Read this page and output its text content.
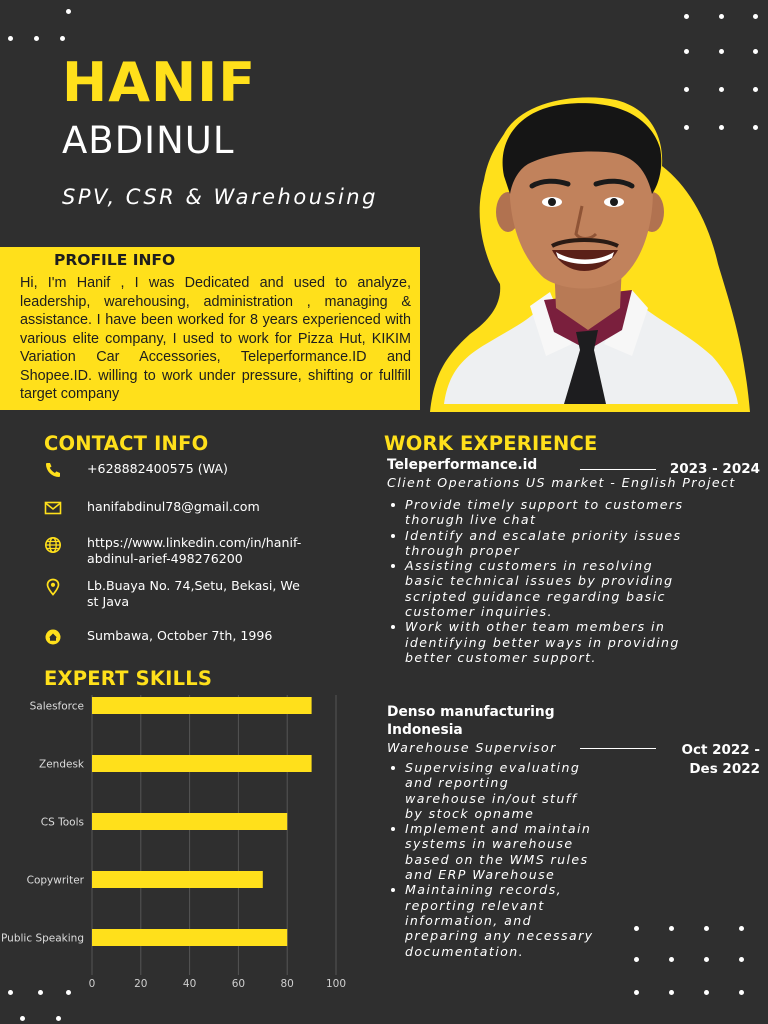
HANIF
ABDINUL
SPV, CSR & Warehousing
PROFILE INFO
Hi, I'm Hanif , I was Dedicated and used to analyze, leadership, warehousing, administration , managing & assistance. I have been worked for 8 years experienced with various elite company, I used to work for Pizza Hut, KIKIM Variation Car Accessories, Teleperformance.ID and Shopee.ID. willing to work under pressure, shifting or fullfill target company
CONTACT INFO
+628882400575 (WA)
hanifabdinul78@gmail.com
https://www.linkedin.com/in/hanif-abdinul-arief-498276200
Lb.Buaya No. 74,Setu, Bekasi, West Java
Sumbawa, October 7th, 1996
EXPERT SKILLS
0	20	40	60	80	100
Salesforce
Zendesk
CS Tools
Copywriter
Public Speaking
WORK EXPERIENCE
Teleperformance.id	2023 - 2024
Client Operations US market - English Project
Provide timely support to customers thorugh live chat
Identify and escalate priority issues through proper
Assisting customers in resolving basic technical issues by providing scripted guidance regarding basic customer inquiries.
Work with other team members in identifying better ways in providing better customer support.
Denso manufacturing Indonesia
Warehouse Supervisor	Oct 2022 - Des 2022
Supervising evaluating and reporting warehouse in/out stuff by stock opname
Implement and maintain systems in warehouse based on the WMS rules and ERP Warehouse
Maintaining records, reporting relevant information, and preparing any necessary documentation.
